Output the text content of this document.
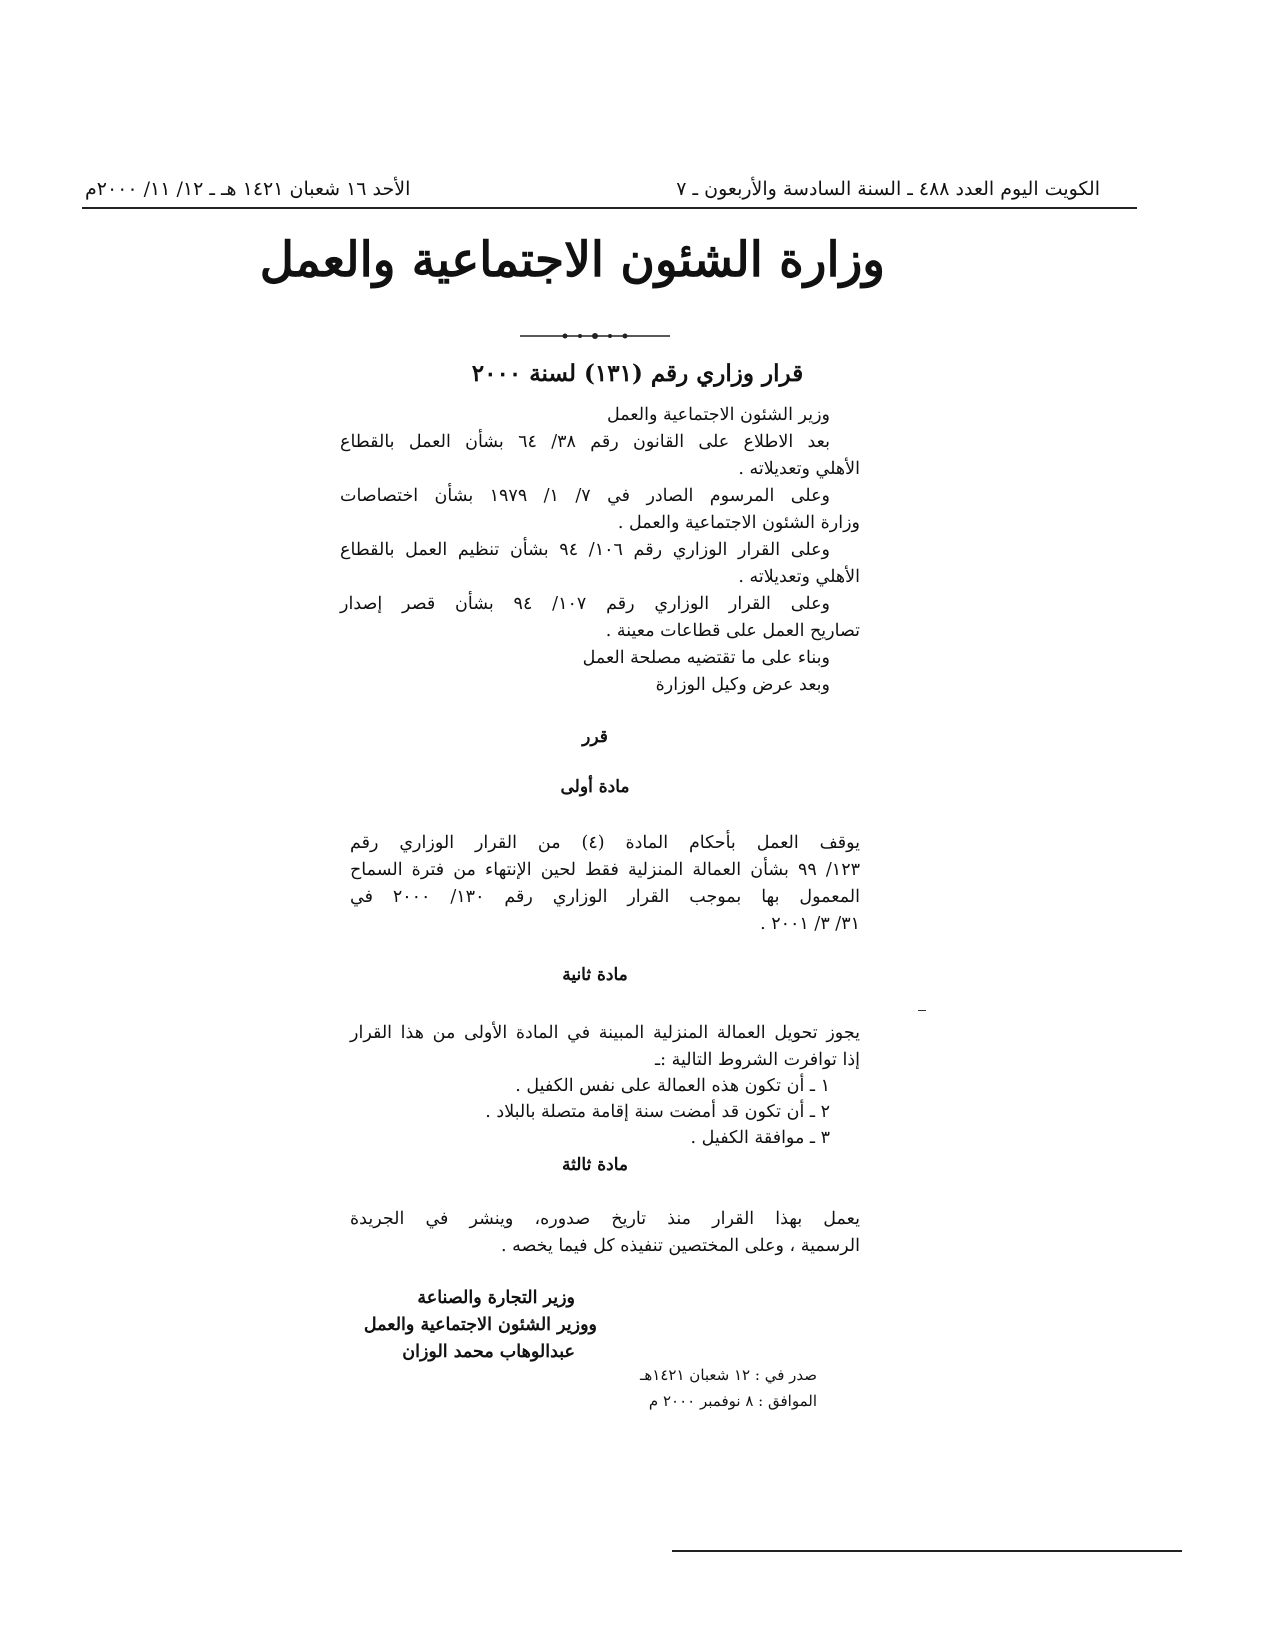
الكويت اليوم العدد ٤٨٨ ـ السنة السادسة والأربعون ـ ٧
الأحد ١٦ شعبان ١٤٢١ هـ ـ ١٢/ ١١/ ٢٠٠٠م
وزارة الشئون الاجتماعية والعمل
قرار وزاري رقم (١٣١) لسنة ٢٠٠٠
وزير الشئون الاجتماعية والعمل
بعد الاطلاع على القانون رقم ٣٨/ ٦٤ بشأن العمل بالقطاع
الأهلي وتعديلاته .
وعلى المرسوم الصادر في ٧/ ١/ ١٩٧٩ بشأن اختصاصات
وزارة الشئون الاجتماعية والعمل .
وعلى القرار الوزاري رقم ١٠٦/ ٩٤ بشأن تنظيم العمل بالقطاع
الأهلي وتعديلاته .
وعلى القرار الوزاري رقم ١٠٧/ ٩٤ بشأن قصر إصدار
تصاريح العمل على قطاعات معينة .
وبناء على ما تقتضيه مصلحة العمل
وبعد عرض وكيل الوزارة
قرر
مادة أولى
يوقف العمل بأحكام المادة (٤) من القرار الوزاري رقم
١٢٣/ ٩٩ بشأن العمالة المنزلية فقط لحين الإنتهاء من فترة السماح
المعمول بها بموجب القرار الوزاري رقم ١٣٠/ ٢٠٠٠ في
٣١/ ٣/ ٢٠٠١ .
مادة ثانية
يجوز تحويل العمالة المنزلية المبينة في المادة الأولى من هذا القرار
إذا توافرت الشروط التالية :ـ
١ ـ أن تكون هذه العمالة على نفس الكفيل .
٢ ـ أن تكون قد أمضت سنة إقامة متصلة بالبلاد .
٣ ـ موافقة الكفيل .
مادة ثالثة
يعمل بهذا القرار منذ تاريخ صدوره، وينشر في الجريدة
الرسمية ، وعلى المختصين تنفيذه كل فيما يخصه .
وزير التجارة والصناعة
ووزير الشئون الاجتماعية والعمل
عبدالوهاب محمد الوزان
صدر في : ١٢ شعبان ١٤٢١هـ
الموافق : ٨ نوفمبر ٢٠٠٠ م
